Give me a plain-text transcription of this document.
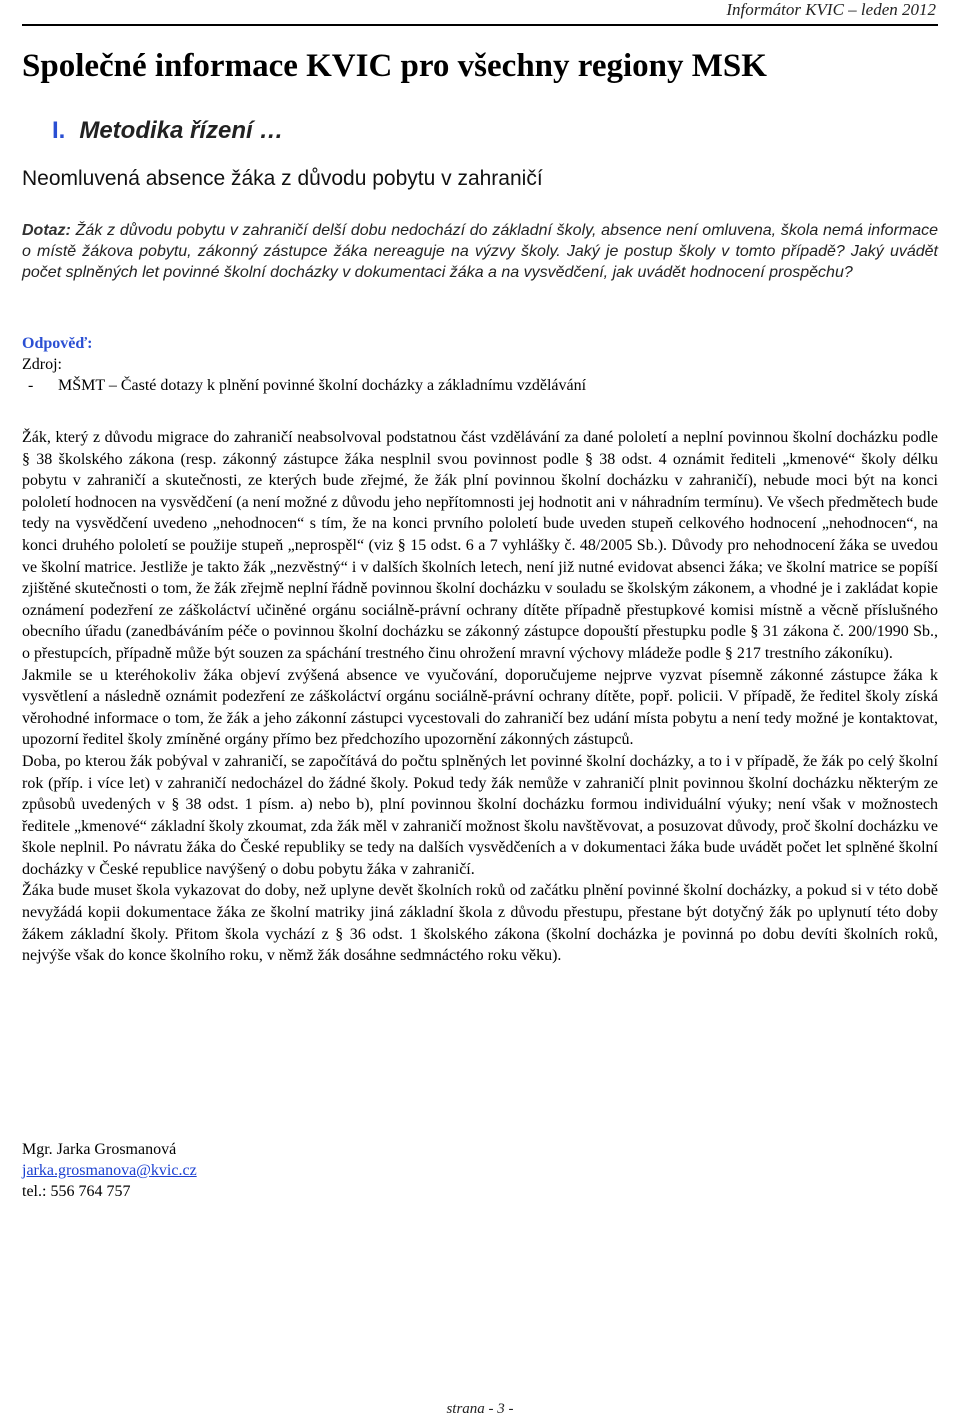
Informátor KVIC – leden 2012
Společné informace KVIC pro všechny regiony MSK
I. Metodika řízení …
Neomluvená absence žáka z důvodu pobytu v zahraničí

Dotaz: Žák z důvodu pobytu v zahraničí delší dobu nedochází do základní školy, absence není omluvena, škola nemá informace o místě žákova pobytu, zákonný zástupce žáka nereaguje na výzvy školy. Jaký je postup školy v tomto případě? Jaký uvádět počet splněných let povinné školní docházky v dokumentaci žáka a na vysvědčení, jak uvádět hodnocení prospěchu?

Odpověď:

Zdroj:

- MŠMT – Časté dotazy k plnění povinné školní docházky a základnímu vzdělávání

Žák, který z důvodu migrace do zahraničí neabsolvoval podstatnou část vzdělávání za dané pololetí a neplní povinnou školní docházku podle § 38 školského zákona (resp. zákonný zástupce žáka nesplnil svou povinnost podle § 38 odst. 4 oznámit řediteli „kmenové“ školy délku pobytu v zahraničí a skutečnosti, ze kterých bude zřejmé, že žák plní povinnou školní docházku v zahraničí), nebude moci být na konci pololetí hodnocen na vysvědčení (a není možné z důvodu jeho nepřítomnosti jej hodnotit ani v náhradním termínu). Ve všech předmětech bude tedy na vysvědčení uvedeno „nehodnocen“ s tím, že na konci prvního pololetí bude uveden stupeň celkového hodnocení „nehodnocen“, na konci druhého pololetí se použije stupeň „neprospěl“ (viz § 15 odst. 6 a 7 vyhlášky č. 48/2005 Sb.). Důvody pro nehodnocení žáka se uvedou ve školní matrice. Jestliže je takto žák „nezvěstný“ i v dalších školních letech, není již nutné evidovat absenci žáka; ve školní matrice se popíší zjištěné skutečnosti o tom, že žák zřejmě neplní řádně povinnou školní docházku v souladu se školským zákonem, a vhodné je i zakládat kopie oznámení podezření ze záškoláctví učiněné orgánu sociálně-právní ochrany dítěte případně přestupkové komisi místně a věcně příslušného obecního úřadu (zanedbáváním péče o povinnou školní docházku se zákonný zástupce dopouští přestupku podle § 31 zákona č. 200/1990 Sb., o přestupcích, případně může být souzen za spáchání trestného činu ohrožení mravní výchovy mládeže podle § 217 trestního zákoníku).

Jakmile se u kteréhokoliv žáka objeví zvýšená absence ve vyučování, doporučujeme nejprve vyzvat písemně zákonné zástupce žáka k vysvětlení a následně oznámit podezření ze záškoláctví orgánu sociálně-právní ochrany dítěte, popř. policii. V případě, že ředitel školy získá věrohodné informace o tom, že žák a jeho zákonní zástupci vycestovali do zahraničí bez udání místa pobytu a není tedy možné je kontaktovat, upozorní ředitel školy zmíněné orgány přímo bez předchozího upozornění zákonných zástupců.

Doba, po kterou žák pobýval v zahraničí, se započítává do počtu splněných let povinné školní docházky, a to i v případě, že žák po celý školní rok (příp. i více let) v zahraničí nedocházel do žádné školy. Pokud tedy žák nemůže v zahraničí plnit povinnou školní docházku některým ze způsobů uvedených v § 38 odst. 1 písm. a) nebo b), plní povinnou školní docházku formou individuální výuky; není však v možnostech ředitele „kmenové“ základní školy zkoumat, zda žák měl v zahraničí možnost školu navštěvovat, a posuzovat důvody, proč školní docházku ve škole neplnil. Po návratu žáka do České republiky se tedy na dalších vysvědčeních a v dokumentaci žáka bude uvádět počet let splněné školní docházky v České republice navýšený o dobu pobytu žáka v zahraničí.

Žáka bude muset škola vykazovat do doby, než uplyne devět školních roků od začátku plnění povinné školní docházky, a pokud si v této době nevyžádá kopii dokumentace žáka ze školní matriky jiná základní škola z důvodu přestupu, přestane být dotyčný žák po uplynutí této doby žákem základní školy. Přitom škola vychází z § 36 odst. 1 školského zákona (školní docházka je povinná po dobu devíti školních roků, nejvýše však do konce školního roku, v němž žák dosáhne sedmnáctého roku věku).

Mgr. Jarka Grosmanová
jarka.grosmanova@kvic.cz
tel.: 556 764 757
strana - 3 -
